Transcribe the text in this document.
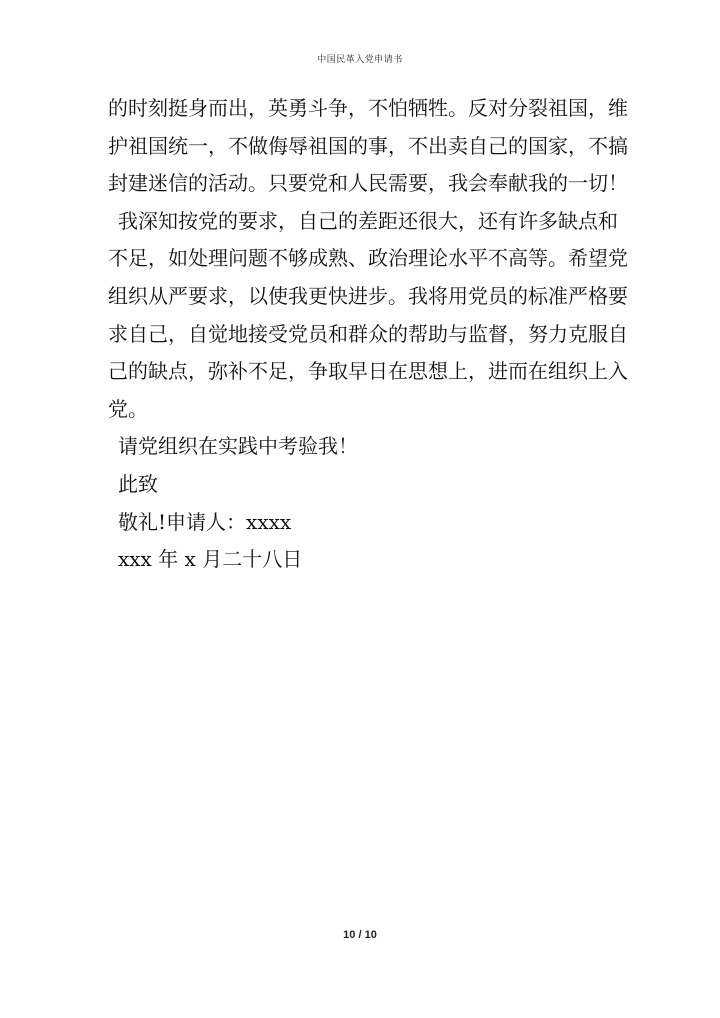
中国民革入党申请书
的时刻挺身而出，英勇斗争，不怕牺牲。反对分裂祖国，维
护祖国统一，不做侮辱祖国的事，不出卖自己的国家，不搞
封建迷信的活动。只要党和人民需要，我会奉献我的一切！
我深知按党的要求，自己的差距还很大，还有许多缺点和
不足，如处理问题不够成熟、政治理论水平不高等。希望党
组织从严要求，以使我更快进步。我将用党员的标准严格要
求自己，自觉地接受党员和群众的帮助与监督，努力克服自
己的缺点，弥补不足，争取早日在思想上，进而在组织上入
党。
请党组织在实践中考验我！
此致
敬礼!申请人：xxxx
xxx 年 x 月二十八日
10 / 10
